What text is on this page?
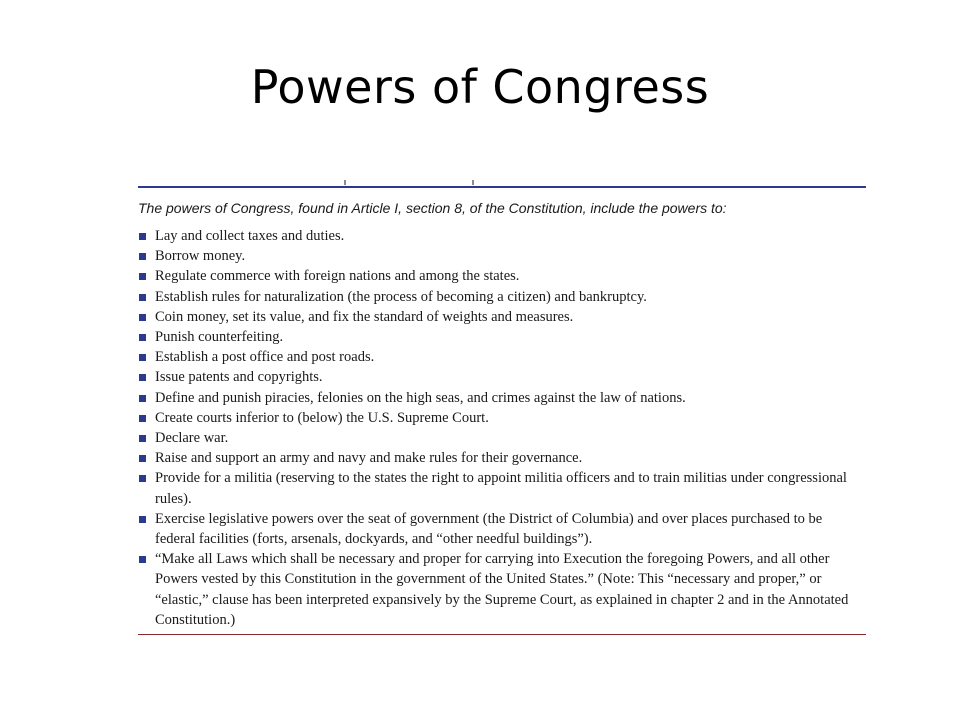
Powers of Congress

The powers of Congress, found in Article I, section 8, of the Constitution, include the powers to:

Lay and collect taxes and duties.
Borrow money.
Regulate commerce with foreign nations and among the states.
Establish rules for naturalization (the process of becoming a citizen) and bankruptcy.
Coin money, set its value, and fix the standard of weights and measures.
Punish counterfeiting.
Establish a post office and post roads.
Issue patents and copyrights.
Define and punish piracies, felonies on the high seas, and crimes against the law of nations.
Create courts inferior to (below) the U.S. Supreme Court.
Declare war.
Raise and support an army and navy and make rules for their governance.
Provide for a militia (reserving to the states the right to appoint militia officers and to train militias under congressional rules).
Exercise legislative powers over the seat of government (the District of Columbia) and over places purchased to be federal facilities (forts, arsenals, dockyards, and “other needful buildings”).
“Make all Laws which shall be necessary and proper for carrying into Execution the foregoing Powers, and all other Powers vested by this Constitution in the government of the United States.” (Note: This “necessary and proper,” or “elastic,” clause has been interpreted expansively by the Supreme Court, as explained in chapter 2 and in the Annotated Constitution.)
